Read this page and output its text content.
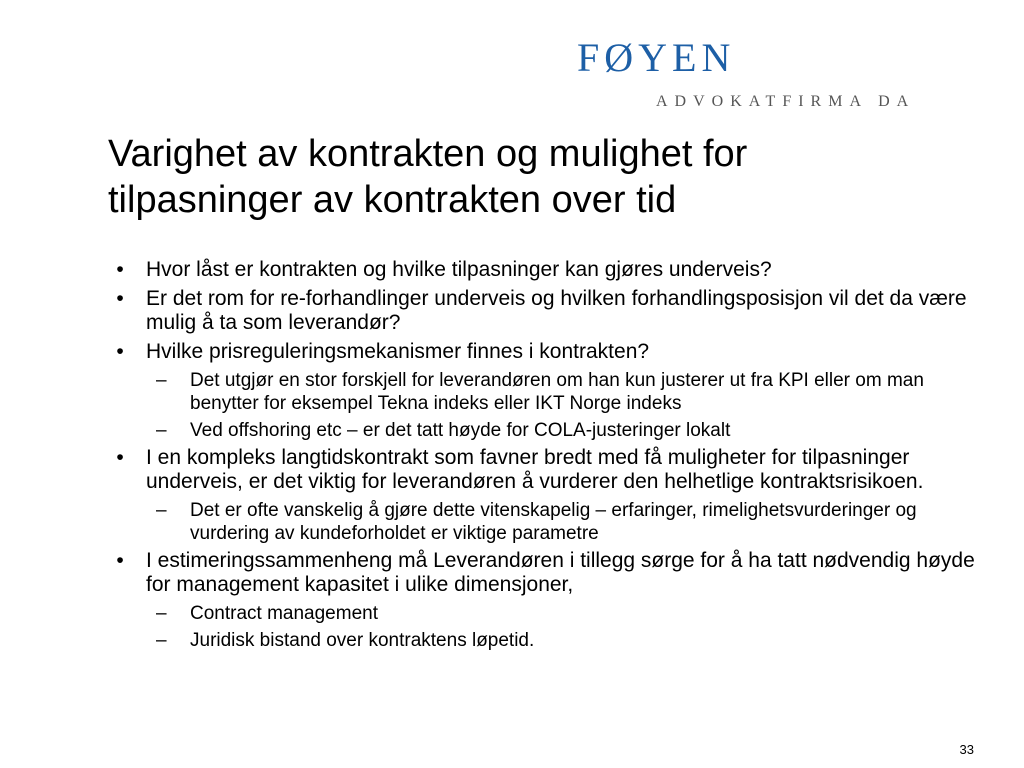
FØYEN
ADVOKATFIRMA DA
Varighet av kontrakten og mulighet for
tilpasninger av kontrakten over tid
•	Hvor låst er kontrakten og hvilke tilpasninger kan gjøres underveis?
•	Er det rom for re-forhandlinger underveis og hvilken forhandlingsposisjon vil det da være mulig å ta som leverandør?
•	Hvilke prisreguleringsmekanismer finnes i kontrakten?
– Det utgjør en stor forskjell for leverandøren om han kun justerer ut fra KPI eller om man benytter for eksempel Tekna indeks eller IKT Norge indeks
– Ved offshoring etc – er det tatt høyde for COLA-justeringer lokalt
•	I en kompleks langtidskontrakt som favner bredt med få muligheter for tilpasninger underveis, er det viktig for leverandøren å vurderer den helhetlige kontraktsrisikoen.
– Det er ofte vanskelig å gjøre dette vitenskapelig – erfaringer, rimelighetsvurderinger og vurdering av kundeforholdet er viktige parametre
•	I estimeringssammenheng må Leverandøren i tillegg sørge for å ha tatt nødvendig høyde for management kapasitet i ulike dimensjoner,
– Contract management
– Juridisk bistand over kontraktens løpetid.
33
